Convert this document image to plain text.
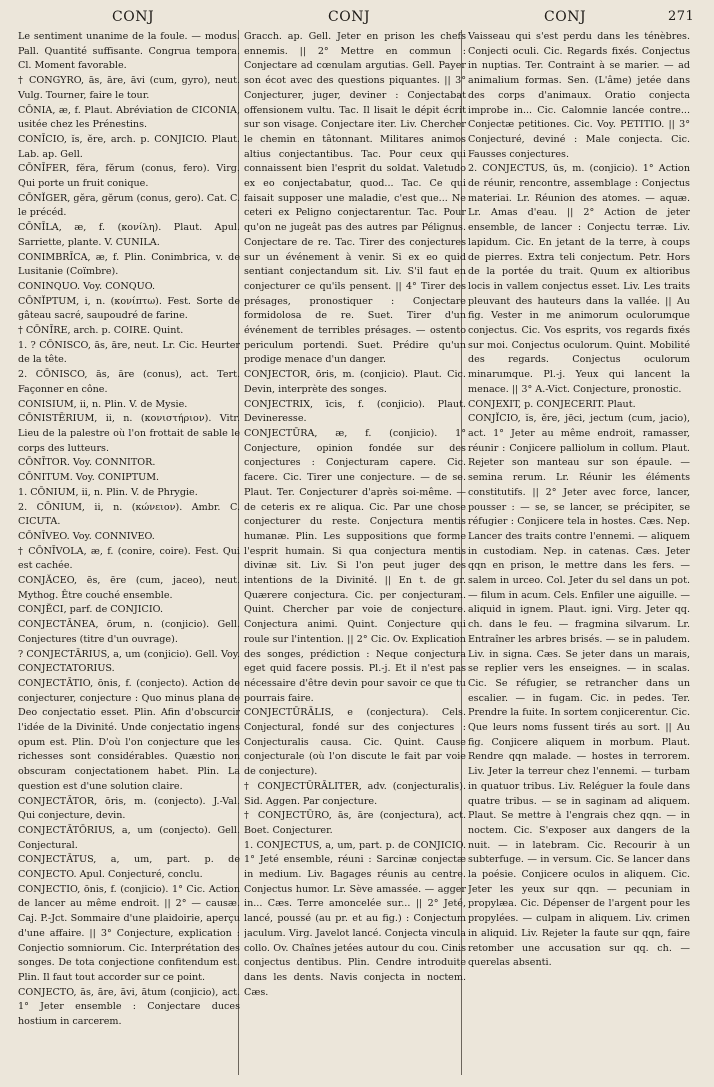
CONJ	CONJ	CONJ	271

Le sentiment unanime de la foule. — modus. Pall. Quantité suffisante. Congrua tempora. Cl. Moment favorable.

† CONGYRO, ās, āre, āvi (cum, gyro), neut. Vulg. Tourner, faire le tour.

CŌNIA, æ, f. Plaut. Abréviation de CICONIA, usitée chez les Prénestins.

CONĪCIO, ĭs, ĕre, arch. p. CONJICIO. Plaut. Lab. ap. Gell.

CŌNĪFER, fĕra, fĕrum (conus, fero). Virg. Qui porte un fruit conique.

CŌNĬGER, gĕra, gĕrum (conus, gero). Cat. C. le précéd.

CŌNĪLA, æ, f. (κονίλη). Plaut. Apul. Sarriette, plante. V. CUNILA.

CONIMBRĪCA, æ, f. Plin. Conimbrica, v. de Lusitanie (Coïmbre).

CONINQUO. Voy. CONQUO.

CŌNĬPTUM, i, n. (κονίπτω). Fest. Sorte de gâteau sacré, saupoudré de farine.

† CŌNĪRE, arch. p. COIRE. Quint.

1. ? CŌNISCO, ās, āre, neut. Lr. Cic. Heurter de la tête.

2. CŌNISCO, ās, āre (conus), act. Tert. Façonner en cône.

CONISIUM, ii, n. Plin. V. de Mysie.

CŌNISTĒRIUM, ii, n. (κονιστήριον). Vitr. Lieu de la palestre où l'on frottait de sable le corps des lutteurs.

CŌNĪTOR. Voy. CONNITOR.

CŌNITUM. Voy. CONIPTUM.

1. CŌNIUM, ii, n. Plin. V. de Phrygie.

2. CŌNIUM, ii, n. (κώνειον). Ambr. C. CICUTA.

CŌNĪVEO. Voy. CONNIVEO.

† CŌNĪVOLA, æ, f. (conire, coire). Fest. Qui est cachée.

CONJĂCEO, ēs, ēre (cum, jaceo), neut. Mythog. Être couché ensemble.

CONJĔCI, parf. de CONJICIO.

CONJECTĀNEA, ōrum, n. (conjicio). Gell. Conjectures (titre d'un ouvrage).

? CONJECTĀRIUS, a, um (conjicio). Gell. Voy. CONJECTATORIUS.

CONJECTĀTIO, ōnis, f. (conjecto). Action de conjecturer, conjecture : Quo minus plana de Deo conjectatio esset. Plin. Afin d'obscurcir l'idée de la Divinité. Unde conjectatio ingens opum est. Plin. D'où l'on conjecture que les richesses sont considérables. Quæstio non obscuram conjectationem habet. Plin. La question est d'une solution claire.

CONJECTĀTOR, ōris, m. (conjecto). J.-Val. Qui conjecture, devin.

CONJECTĀTŌRIUS, a, um (conjecto). Gell. Conjectural.

CONJECTĀTUS, a, um, part. p. de CONJECTO. Apul. Conjecturé, conclu.

CONJECTIO, ōnis, f. (conjicio). 1° Cic. Action de lancer au même endroit. || 2° — causæ. Caj. P.-Jct. Sommaire d'une plaidoirie, aperçu d'une affaire. || 3° Conjecture, explication : Conjectio somniorum. Cic. Interprétation des songes. De tota conjectione confitendum est. Plin. Il faut tout accorder sur ce point.

CONJECTO, ās, āre, āvi, ātum (conjicio), act. 1° Jeter ensemble : Conjectare duces hostium in carcerem.

Gracch. ap. Gell. Jeter en prison les chefs ennemis. || 2° Mettre en commun : Conjectare ad cœnulam argutias. Gell. Payer son écot avec des questions piquantes. || 3° Conjecturer, juger, deviner : Conjectabat offensionem vultu. Tac. Il lisait le dépit écrit sur son visage. Conjectare iter. Liv. Chercher le chemin en tâtonnant. Militares animos altius conjectantibus. Tac. Pour ceux qui connaissent bien l'esprit du soldat. Valetudo ex eo conjectabatur, quod... Tac. Ce qui faisait supposer une maladie, c'est que... Ne ceteri ex Peligno conjectarentur. Tac. Pour qu'on ne jugeât pas des autres par Pélignus. Conjectare de re. Tac. Tirer des conjectures sur un événement à venir. Si ex eo quid sentiant conjectandum sit. Liv. S'il faut en conjecturer ce qu'ils pensent. || 4° Tirer des présages, pronostiquer : Conjectare formidolosa de re. Suet. Tirer d'un événement de terribles présages. — ostento periculum portendi. Suet. Prédire qu'un prodige menace d'un danger.

CONJECTOR, ōris, m. (conjicio). Plaut. Cic. Devin, interprète des songes.

CONJECTRIX, īcis, f. (conjicio). Plaut. Devineresse.

CONJECTŪRA, æ, f. (conjicio). 1° Conjecture, opinion fondée sur des conjectures : Conjecturam capere. Cic. facere. Cic. Tirer une conjecture. — de se. Plaut. Ter. Conjecturer d'après soi-même. — de ceteris ex re aliqua. Cic. Par une chose conjecturer du reste. Conjectura mentis humanæ. Plin. Les suppositions que forme l'esprit humain. Si qua conjectura mentis divinæ sit. Liv. Si l'on peut juger des intentions de la Divinité. || En t. de gr. Quærere conjectura. Cic. per conjecturam. Quint. Chercher par voie de conjecture. Conjectura animi. Quint. Conjecture qui roule sur l'intention. || 2° Cic. Ov. Explication des songes, prédiction : Neque conjectura eget quid facere possis. Pl.-j. Et il n'est pas nécessaire d'être devin pour savoir ce que tu pourrais faire.

CONJECTŪRĀLIS, e (conjectura). Cels. Conjectural, fondé sur des conjectures : Conjecturalis causa. Cic. Quint. Cause conjecturale (où l'on discute le fait par voie de conjecture).

† CONJECTŪRĀLITER, adv. (conjecturalis). Sid. Aggen. Par conjecture.

† CONJECTŪRO, ās, āre (conjectura), act. Boet. Conjecturer.

1. CONJECTUS, a, um, part. p. de CONJICIO. 1° Jeté ensemble, réuni : Sarcinæ conjectæ in medium. Liv. Bagages réunis au centre. Conjectus humor. Lr. Sève amassée. — agger in... Cæs. Terre amoncelée sur... || 2° Jeté, lancé, poussé (au pr. et au fig.) : Conjectum jaculum. Virg. Javelot lancé. Conjecta vincula collo. Ov. Chaînes jetées autour du cou. Cinis conjectus dentibus. Plin. Cendre introduite dans les dents. Navis conjecta in noctem. Cæs.

Vaisseau qui s'est perdu dans les ténèbres. Conjecti oculi. Cic. Regards fixés. Conjectus in nuptias. Ter. Contraint à se marier. — ad animalium formas. Sen. (L'âme) jetée dans des corps d'animaux. Oratio conjecta improbe in... Cic. Calomnie lancée contre... Conjectæ petitiones. Cic. Voy. PETITIO. || 3° Conjecturé, deviné : Male conjecta. Cic. Fausses conjectures.

2. CONJECTUS, ūs, m. (conjicio). 1° Action de réunir, rencontre, assemblage : Conjectus materiai. Lr. Réunion des atomes. — aquæ. Lr. Amas d'eau. || 2° Action de jeter ensemble, de lancer : Conjectu terræ. Liv. lapidum. Cic. En jetant de la terre, à coups de pierres. Extra teli conjectum. Petr. Hors de la portée du trait. Quum ex altioribus locis in vallem conjectus esset. Liv. Les traits pleuvant des hauteurs dans la vallée. || Au fig. Vester in me animorum oculorumque conjectus. Cic. Vos esprits, vos regards fixés sur moi. Conjectus oculorum. Quint. Mobilité des regards. Conjectus oculorum minarumque. Pl.-j. Yeux qui lancent la menace. || 3° A.-Vict. Conjecture, pronostic.

CONJEXIT, p. CONJECERIT. Plaut.

CONJĬCIO, ĭs, ĕre, jēci, jectum (cum, jacio), act. 1° Jeter au même endroit, ramasser, réunir : Conjicere palliolum in collum. Plaut. Rejeter son manteau sur son épaule. — semina rerum. Lr. Réunir les éléments constitutifs. || 2° Jeter avec force, lancer, pousser : — se, se lancer, se précipiter, se réfugier : Conjicere tela in hostes. Cæs. Nep. Lancer des traits contre l'ennemi. — aliquem in custodiam. Nep. in catenas. Cæs. Jeter qqn en prison, le mettre dans les fers. — salem in urceo. Col. Jeter du sel dans un pot. — filum in acum. Cels. Enfiler une aiguille. — aliquid in ignem. Plaut. igni. Virg. Jeter qq. ch. dans le feu. — fragmina silvarum. Lr. Entraîner les arbres brisés. — se in paludem. Liv. in signa. Cæs. Se jeter dans un marais, se replier vers les enseignes. — in scalas. Cic. Se réfugier, se retrancher dans un escalier. — in fugam. Cic. in pedes. Ter. Prendre la fuite. In sortem conjicerentur. Cic. Que leurs noms fussent tirés au sort. || Au fig. Conjicere aliquem in morbum. Plaut. Rendre qqn malade. — hostes in terrorem. Liv. Jeter la terreur chez l'ennemi. — turbam in quatuor tribus. Liv. Reléguer la foule dans quatre tribus. — se in saginam ad aliquem. Plaut. Se mettre à l'engrais chez qqn. — in noctem. Cic. S'exposer aux dangers de la nuit. — in latebram. Cic. Recourir à un subterfuge. — in versum. Cic. Se lancer dans la poésie. Conjicere oculos in aliquem. Cic. Jeter les yeux sur qqn. — pecuniam in propylæa. Cic. Dépenser de l'argent pour les propylées. — culpam in aliquem. Liv. crimen in aliquid. Liv. Rejeter la faute sur qqn, faire retomber une accusation sur qq. ch. — querelas absenti.
